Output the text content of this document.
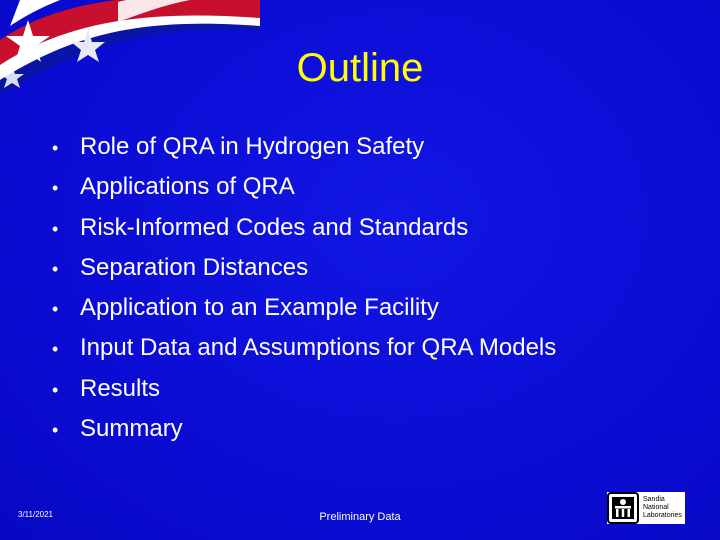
Outline
• Role of QRA in Hydrogen Safety
• Applications of QRA
• Risk-Informed Codes and Standards
• Separation Distances
• Application to an Example Facility
• Input Data and Assumptions for QRA Models
• Results
• Summary
3/11/2021	Preliminary Data
Sandia
National
Laboratories
